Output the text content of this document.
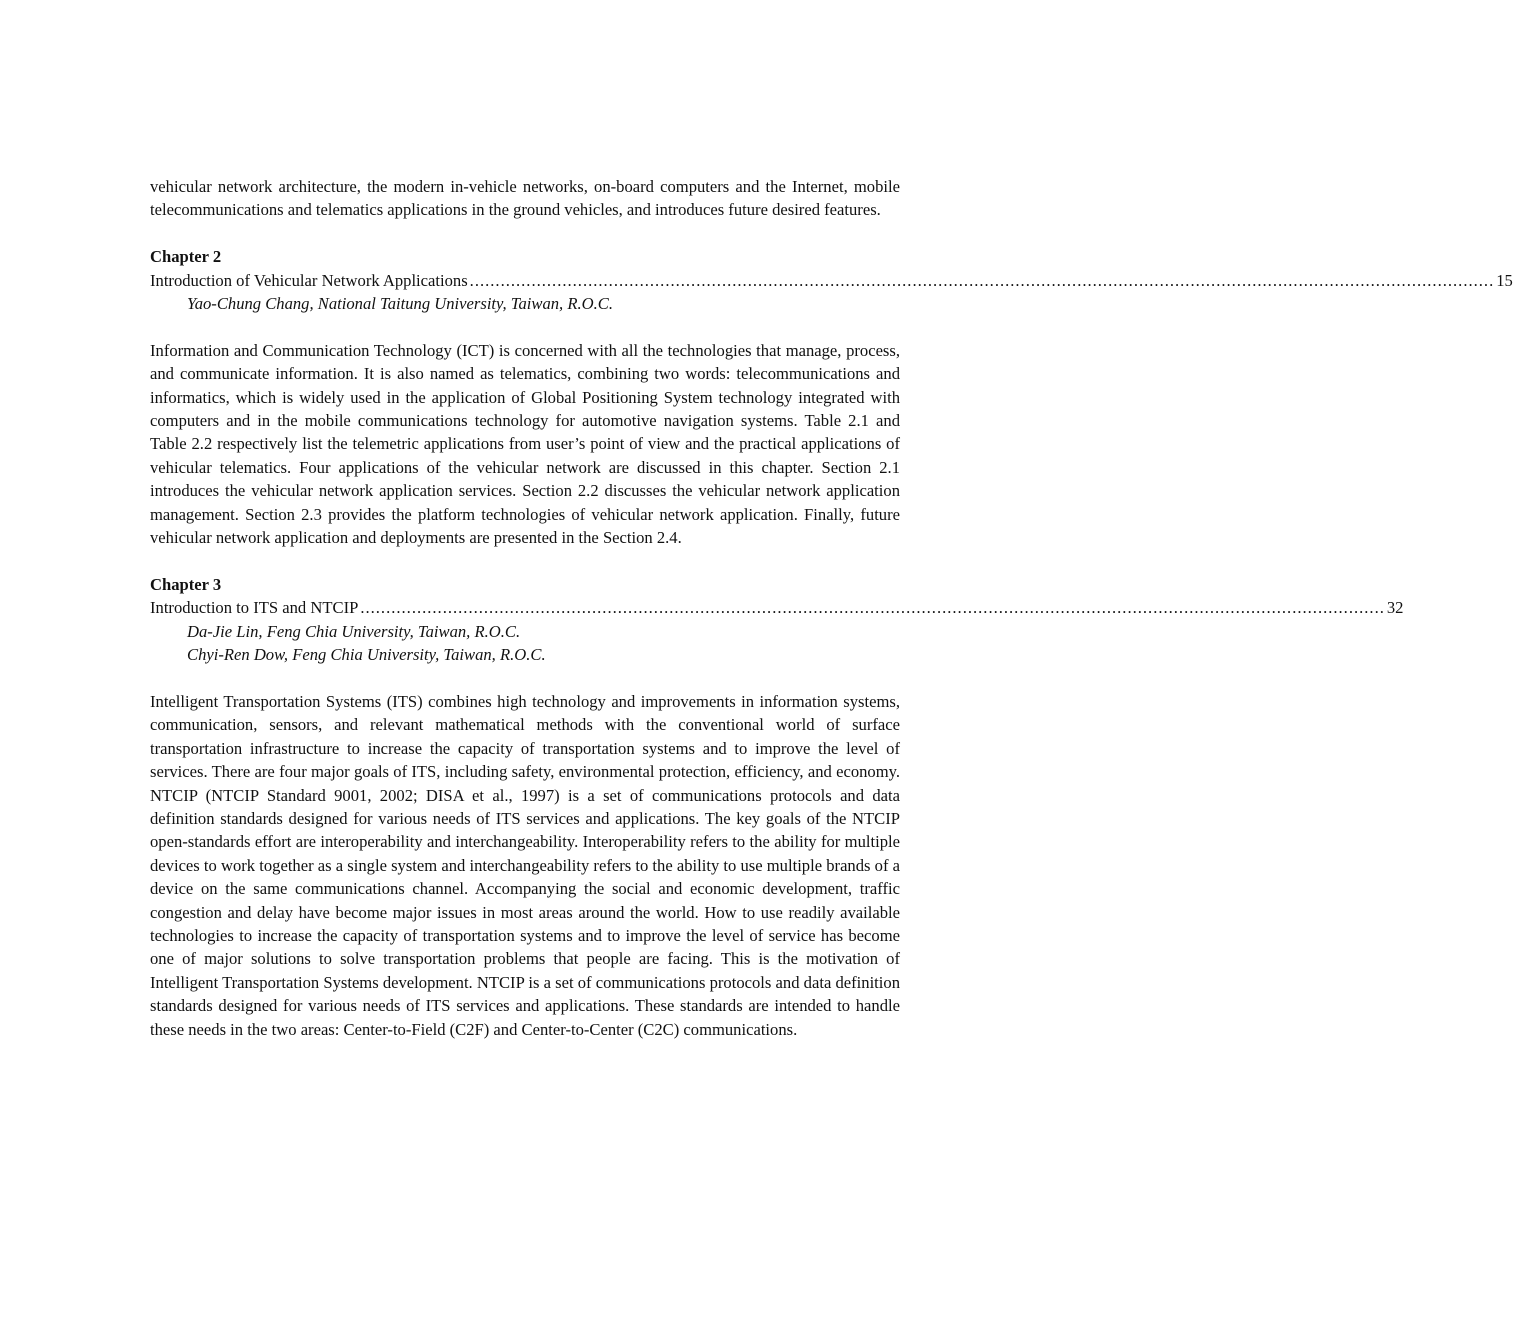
vehicular network architecture, the modern in-vehicle networks, on-board computers and the Internet, mobile telecommunications and telematics applications in the ground vehicles, and introduces future desired features.

Chapter 2

Introduction of Vehicular Network Applications ....................................................................................................................................................................................................... 15

Yao-Chung Chang, National Taitung University, Taiwan, R.O.C.

Information and Communication Technology (ICT) is concerned with all the technologies that manage, process, and communicate information. It is also named as telematics, combining two words: telecommunications and informatics, which is widely used in the application of Global Positioning System technology integrated with computers and in the mobile communications technology for automotive navigation systems. Table 2.1 and Table 2.2 respectively list the telemetric applications from user’s point of view and the practical applications of vehicular telematics. Four applications of the vehicular network are discussed in this chapter. Section 2.1 introduces the vehicular network application services. Section 2.2 discusses the vehicular network application management. Section 2.3 provides the platform technologies of vehicular network application. Finally, future vehicular network application and deployments are presented in the Section 2.4.

Chapter 3

Introduction to ITS and NTCIP ....................................................................................................................................................................................................... 32

Da-Jie Lin, Feng Chia University, Taiwan, R.O.C.

Chyi-Ren Dow, Feng Chia University, Taiwan, R.O.C.

Intelligent Transportation Systems (ITS) combines high technology and improvements in information systems, communication, sensors, and relevant mathematical methods with the conventional world of surface transportation infrastructure to increase the capacity of transportation systems and to improve the level of services. There are four major goals of ITS, including safety, environmental protection, efficiency, and economy. NTCIP (NTCIP Standard 9001, 2002; DISA et al., 1997) is a set of communications protocols and data definition standards designed for various needs of ITS services and applications. The key goals of the NTCIP open-standards effort are interoperability and interchangeability. Interoperability refers to the ability for multiple devices to work together as a single system and interchangeability refers to the ability to use multiple brands of a device on the same communications channel. Accompanying the social and economic development, traffic congestion and delay have become major issues in most areas around the world. How to use readily available technologies to increase the capacity of transportation systems and to improve the level of service has become one of major solutions to solve transportation problems that people are facing. This is the motivation of Intelligent Transportation Systems development. NTCIP is a set of communications protocols and data definition standards designed for various needs of ITS services and applications. These standards are intended to handle these needs in the two areas: Center-to-Field (C2F) and Center-to-Center (C2C) communications.
